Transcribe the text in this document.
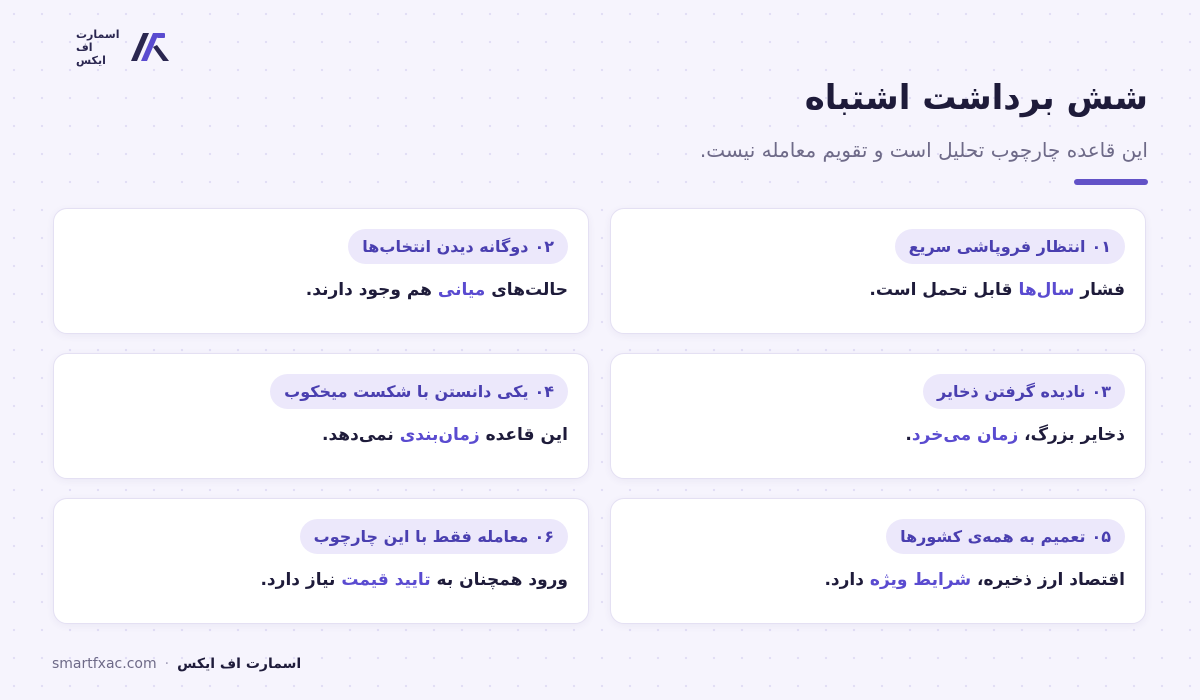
اسمارت
اف
ایکس
شش برداشت اشتباه

این قاعده چارچوب تحلیل است و تقویم معامله نیست.

۰۱انتظار فروپاشی سریع
فشار سال‌ها قابل تحمل است.
۰۲دوگانه دیدن انتخاب‌ها
حالت‌های میانی هم وجود دارند.
۰۳نادیده گرفتن ذخایر
ذخایر بزرگ، زمان می‌خرد.
۰۴یکی دانستن با شکست میخکوب
این قاعده زمان‌بندی نمی‌دهد.
۰۵تعمیم به همه‌ی کشورها
اقتصاد ارز ذخیره، شرایط ویژه دارد.
۰۶معامله فقط با این چارچوب
ورود همچنان به تایید قیمت نیاز دارد.
اسمارت اف ایکس
·
smartfxac.com
